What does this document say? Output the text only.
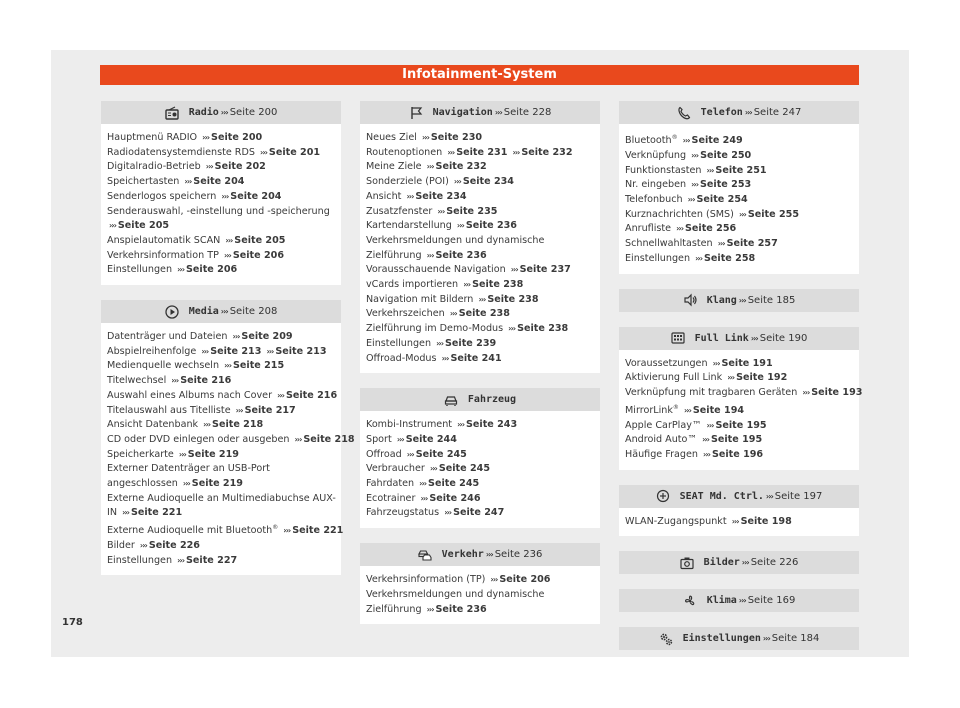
Infotainment-System
Radio ››› Seite 200
Hauptmenü RADIO ››› Seite 200
Radiodatensystemdienste RDS ››› Seite 201
Digitalradio-Betrieb ››› Seite 202
Speichertasten ››› Seite 204
Senderlogos speichern ››› Seite 204
Senderauswahl, -einstellung und -speicherung ››› Seite 205
Anspielautomatik SCAN ››› Seite 205
Verkehrsinformation TP ››› Seite 206
Einstellungen ››› Seite 206
Media ››› Seite 208
Datenträger und Dateien ››› Seite 209
Abspielreihenfolge ››› Seite 213 ››› Seite 213
Medienquelle wechseln ››› Seite 215
Titelwechsel ››› Seite 216
Auswahl eines Albums nach Cover ››› Seite 216
Titelauswahl aus Titelliste ››› Seite 217
Ansicht Datenbank ››› Seite 218
CD oder DVD einlegen oder ausgeben ››› Seite 218
Speicherkarte ››› Seite 219
Externer Datenträger an USB-Port angeschlossen ››› Seite 219
Externe Audioquelle an Multimediabuchse AUX-IN ››› Seite 221
Externe Audioquelle mit Bluetooth® ››› Seite 221
Bilder ››› Seite 226
Einstellungen ››› Seite 227
Navigation ››› Seite 228
Neues Ziel ››› Seite 230
Routenoptionen ››› Seite 231 ››› Seite 232
Meine Ziele ››› Seite 232
Sonderziele (POI) ››› Seite 234
Ansicht ››› Seite 234
Zusatzfenster ››› Seite 235
Kartendarstellung ››› Seite 236
Verkehrsmeldungen und dynamische Zielführung ››› Seite 236
Vorausschauende Navigation ››› Seite 237
vCards importieren ››› Seite 238
Navigation mit Bildern ››› Seite 238
Verkehrszeichen ››› Seite 238
Zielführung im Demo-Modus ››› Seite 238
Einstellungen ››› Seite 239
Offroad-Modus ››› Seite 241
Fahrzeug
Kombi-Instrument ››› Seite 243
Sport ››› Seite 244
Offroad ››› Seite 245
Verbraucher ››› Seite 245
Fahrdaten ››› Seite 245
Ecotrainer ››› Seite 246
Fahrzeugstatus ››› Seite 247
Verkehr ››› Seite 236
Verkehrsinformation (TP) ››› Seite 206
Verkehrsmeldungen und dynamische Zielführung ››› Seite 236
Telefon ››› Seite 247
Bluetooth® ››› Seite 249
Verknüpfung ››› Seite 250
Funktionstasten ››› Seite 251
Nr. eingeben ››› Seite 253
Telefonbuch ››› Seite 254
Kurznachrichten (SMS) ››› Seite 255
Anrufliste ››› Seite 256
Schnellwahltasten ››› Seite 257
Einstellungen ››› Seite 258
Klang ››› Seite 185
Full Link ››› Seite 190
Voraussetzungen ››› Seite 191
Aktivierung Full Link ››› Seite 192
Verknüpfung mit tragbaren Geräten ››› Seite 193
MirrorLink® ››› Seite 194
Apple CarPlay™ ››› Seite 195
Android Auto™ ››› Seite 195
Häufige Fragen ››› Seite 196
SEAT Md. Ctrl. ››› Seite 197
WLAN-Zugangspunkt ››› Seite 198
Bilder ››› Seite 226
Klima ››› Seite 169
Einstellungen ››› Seite 184
178
